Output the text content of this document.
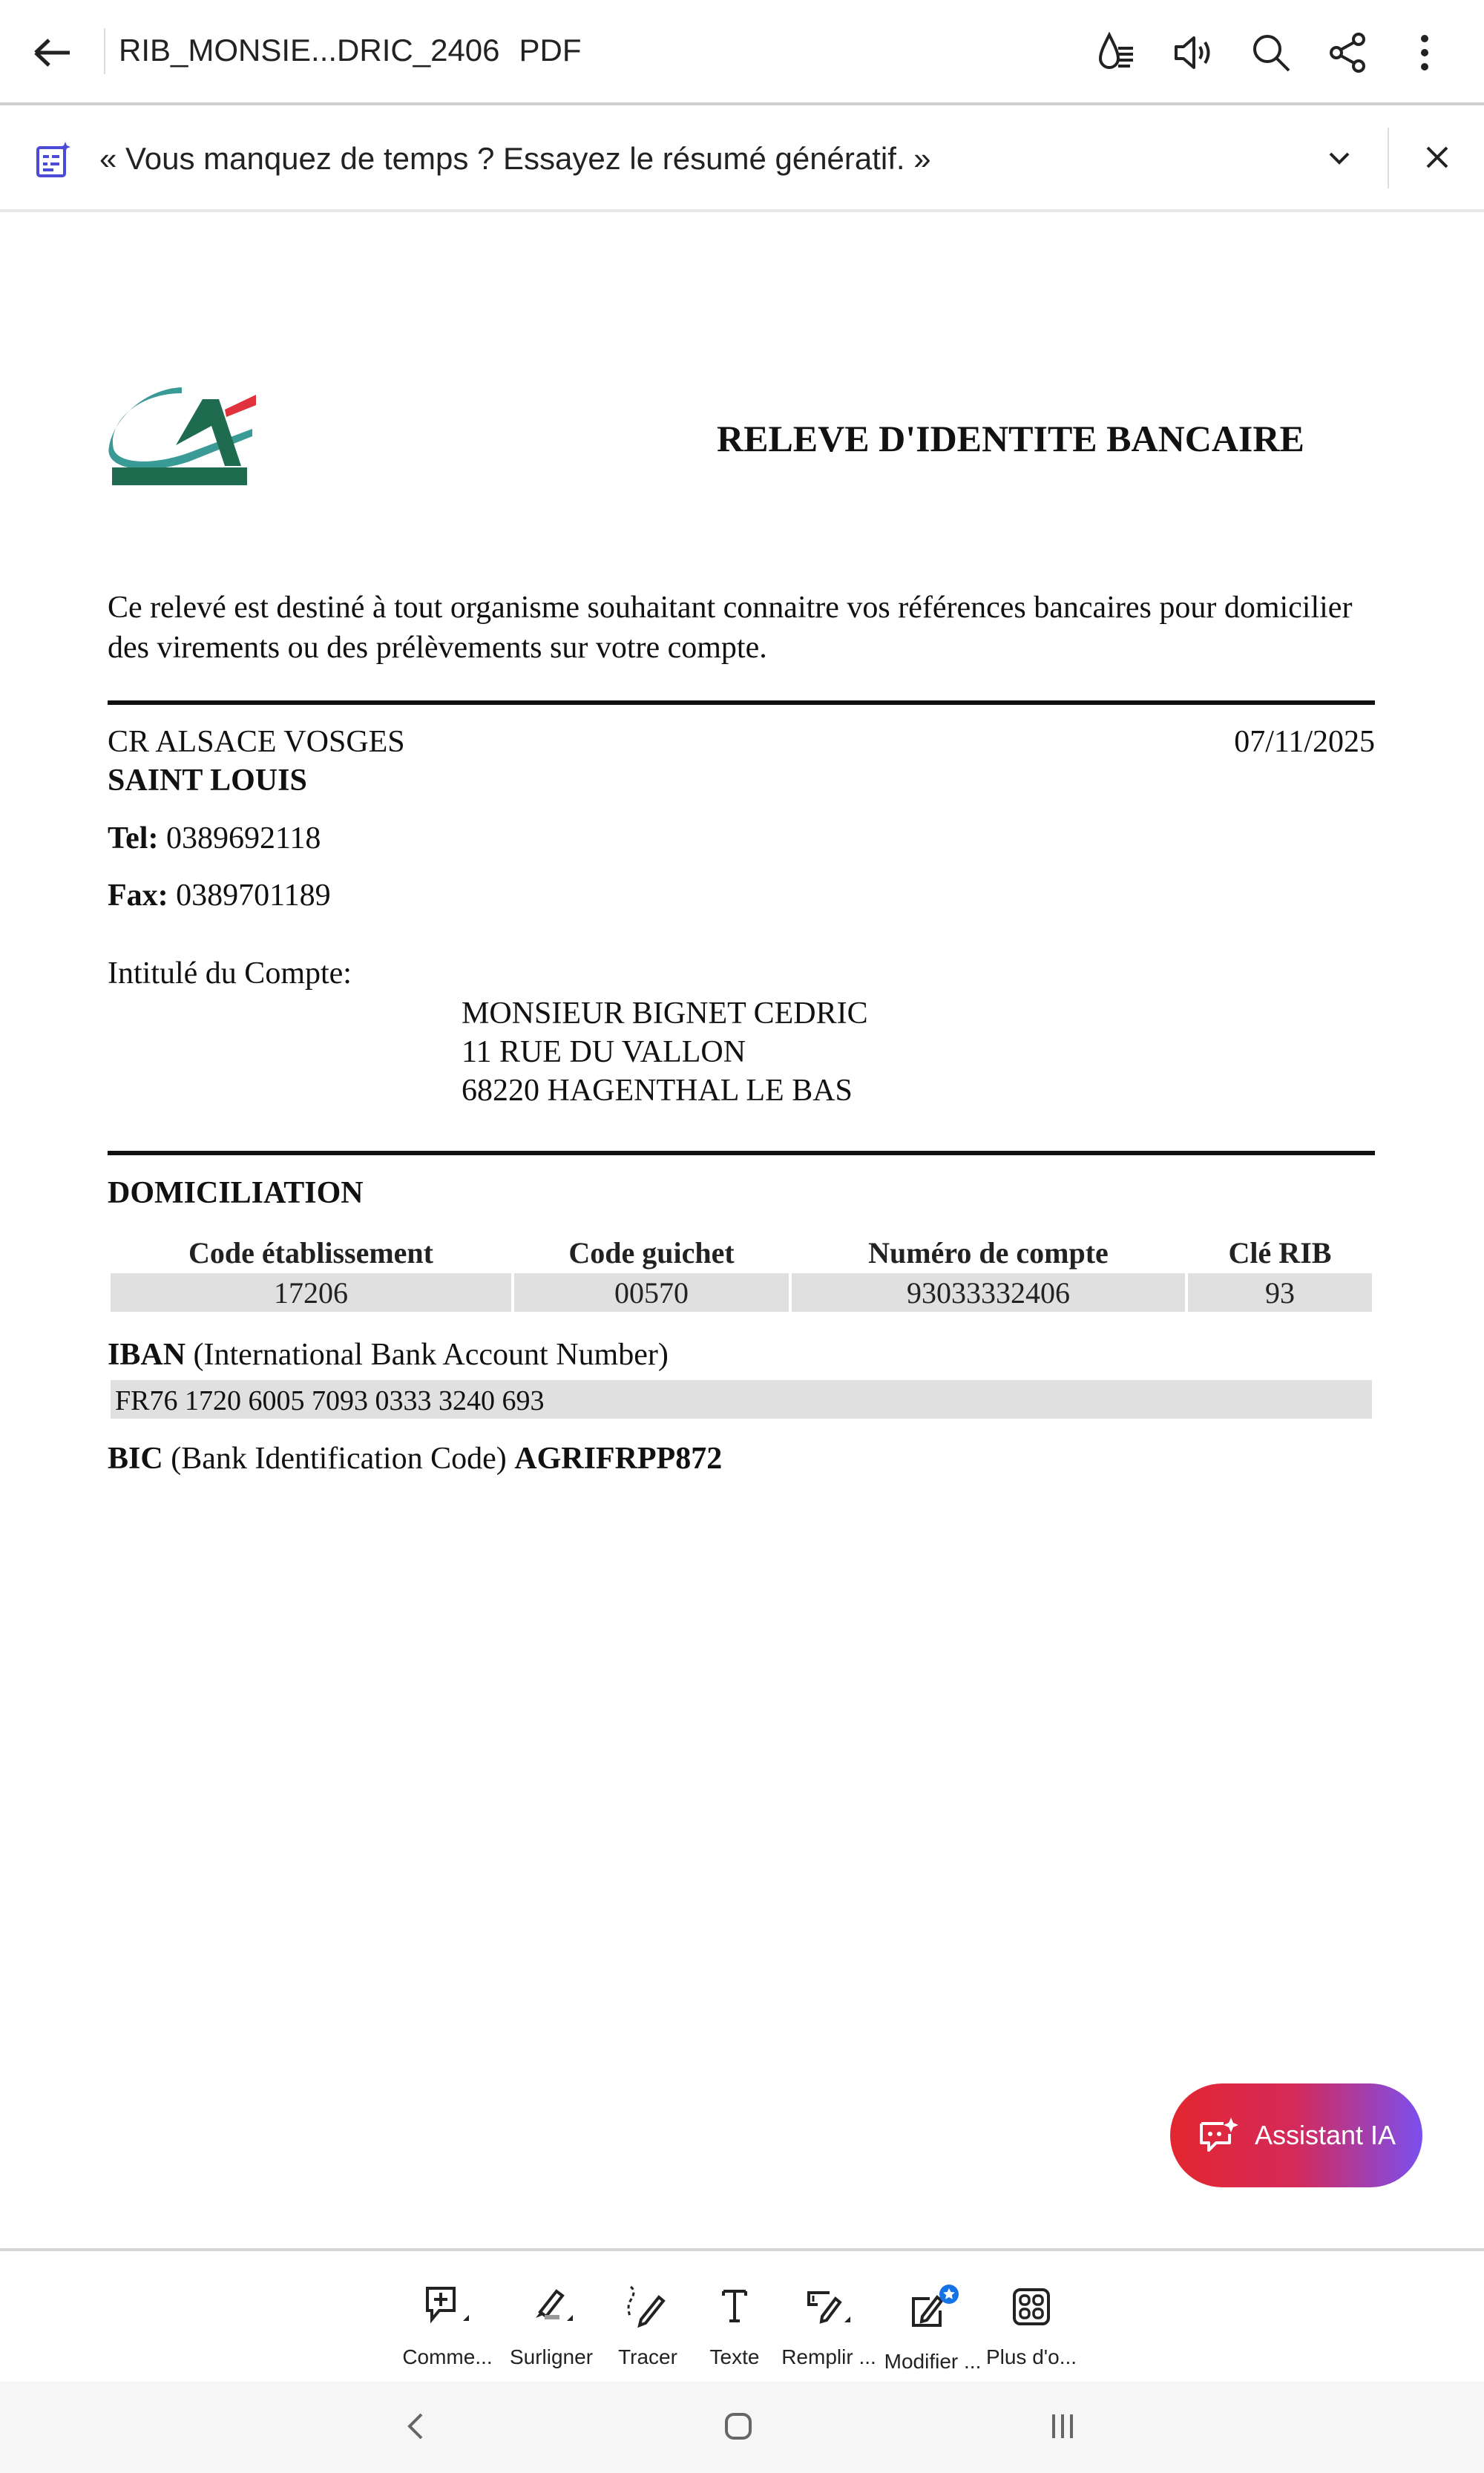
RIB_MONSIE...DRIC_2406 PDF
« Vous manquez de temps ? Essayez le résumé génératif. »
RELEVE D'IDENTITE BANCAIRE
Ce relevé est destiné à tout organisme souhaitant connaitre vos références bancaires pour domicilier des virements ou des prélèvements sur votre compte.
CR ALSACE VOSGES	07/11/2025
SAINT LOUIS
Tel: 0389692118
Fax: 0389701189
Intitulé du Compte:
MONSIEUR BIGNET CEDRIC
11 RUE DU VALLON
68220 HAGENTHAL LE BAS
DOMICILIATION
Code établissement	Code guichet	Numéro de compte	Clé RIB
17206	00570	93033332406	93
IBAN (International Bank Account Number)
FR76 1720 6005 7093 0333 3240 693
BIC (Bank Identification Code) AGRIFRPP872
Assistant IA
Comme... Surligner	Tracer	Texte	Remplir ... Modifier ... Plus d'o...
